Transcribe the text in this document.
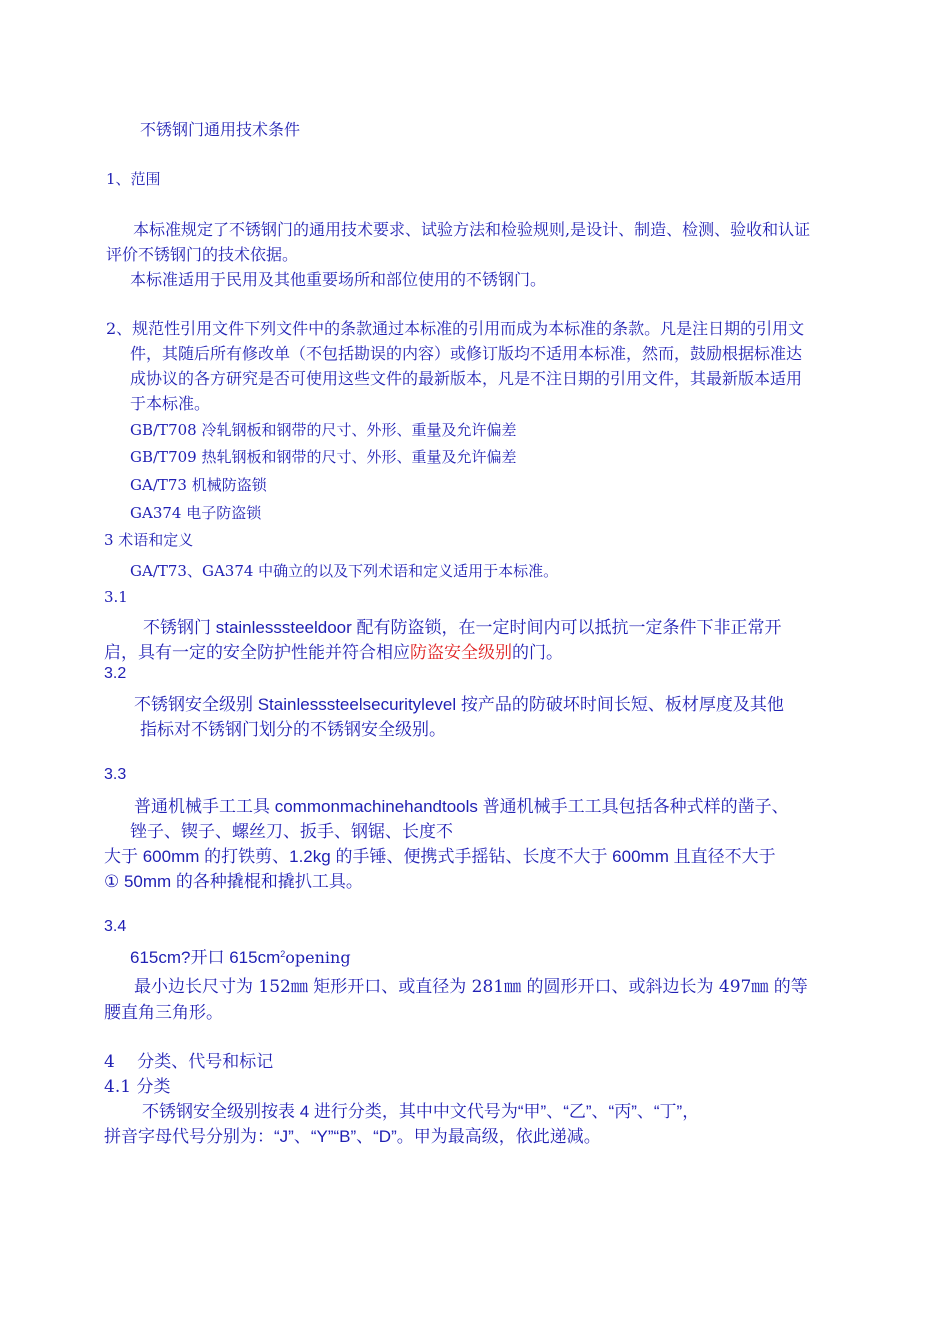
不锈钢门通用技术条件
1、范围
本标准规定了不锈钢门的通用技术要求、试验方法和检验规则,是设计、制造、检测、验收和认证
评价不锈钢门的技术依据。
本标准适用于民用及其他重要场所和部位使用的不锈钢门。
2、规范性引用文件下列文件中的条款通过本标准的引用而成为本标准的条款。凡是注日期的引用文
件，其随后所有修改单（不包括勘误的内容）或修订版均不适用本标准，然而，鼓励根据标准达
成协议的各方研究是否可使用这些文件的最新版本，凡是不注日期的引用文件，其最新版本适用
于本标准。
GB/T708 冷轧钢板和钢带的尺寸、外形、重量及允许偏差
GB/T709 热轧钢板和钢带的尺寸、外形、重量及允许偏差
GA/T73 机械防盗锁
GA374 电子防盗锁
3 术语和定义
GA/T73、GA374 中确立的以及下列术语和定义适用于本标准。
3.1
不锈钢门 stainlesssteeldoor 配有防盗锁，在一定时间内可以抵抗一定条件下非正常开
启，具有一定的安全防护性能并符合相应防盗安全级别的门。
3.2
不锈钢安全级别 Stainlesssteelsecuritylevel 按产品的防破坏时间长短、板材厚度及其他
指标对不锈钢门划分的不锈钢安全级别。
3.3
普通机械手工工具 commonmachinehandtools 普通机械手工工具包括各种式样的凿子、
锉子、锲子、螺丝刀、扳手、钢锯、长度不
大于 600mm 的打铁剪、1.2kg 的手锤、便携式手摇钻、长度不大于 600mm 且直径不大于
① 50mm 的各种撬棍和撬扒工具。
3.4
615cm?开口 $615cm^2opening$
最小边长尺寸为 152㎜ 矩形开口、或直径为 281㎜ 的圆形开口、或斜边长为 497㎜ 的等
腰直角三角形。
4　 分类、代号和标记
4.1 分类
不锈钢安全级别按表 4 进行分类，其中中文代号为“甲”、“乙”、“丙”、“丁”，
拼音字母代号分别为：“J”、“Y”“B”、“D”。甲为最高级，依此递减。
